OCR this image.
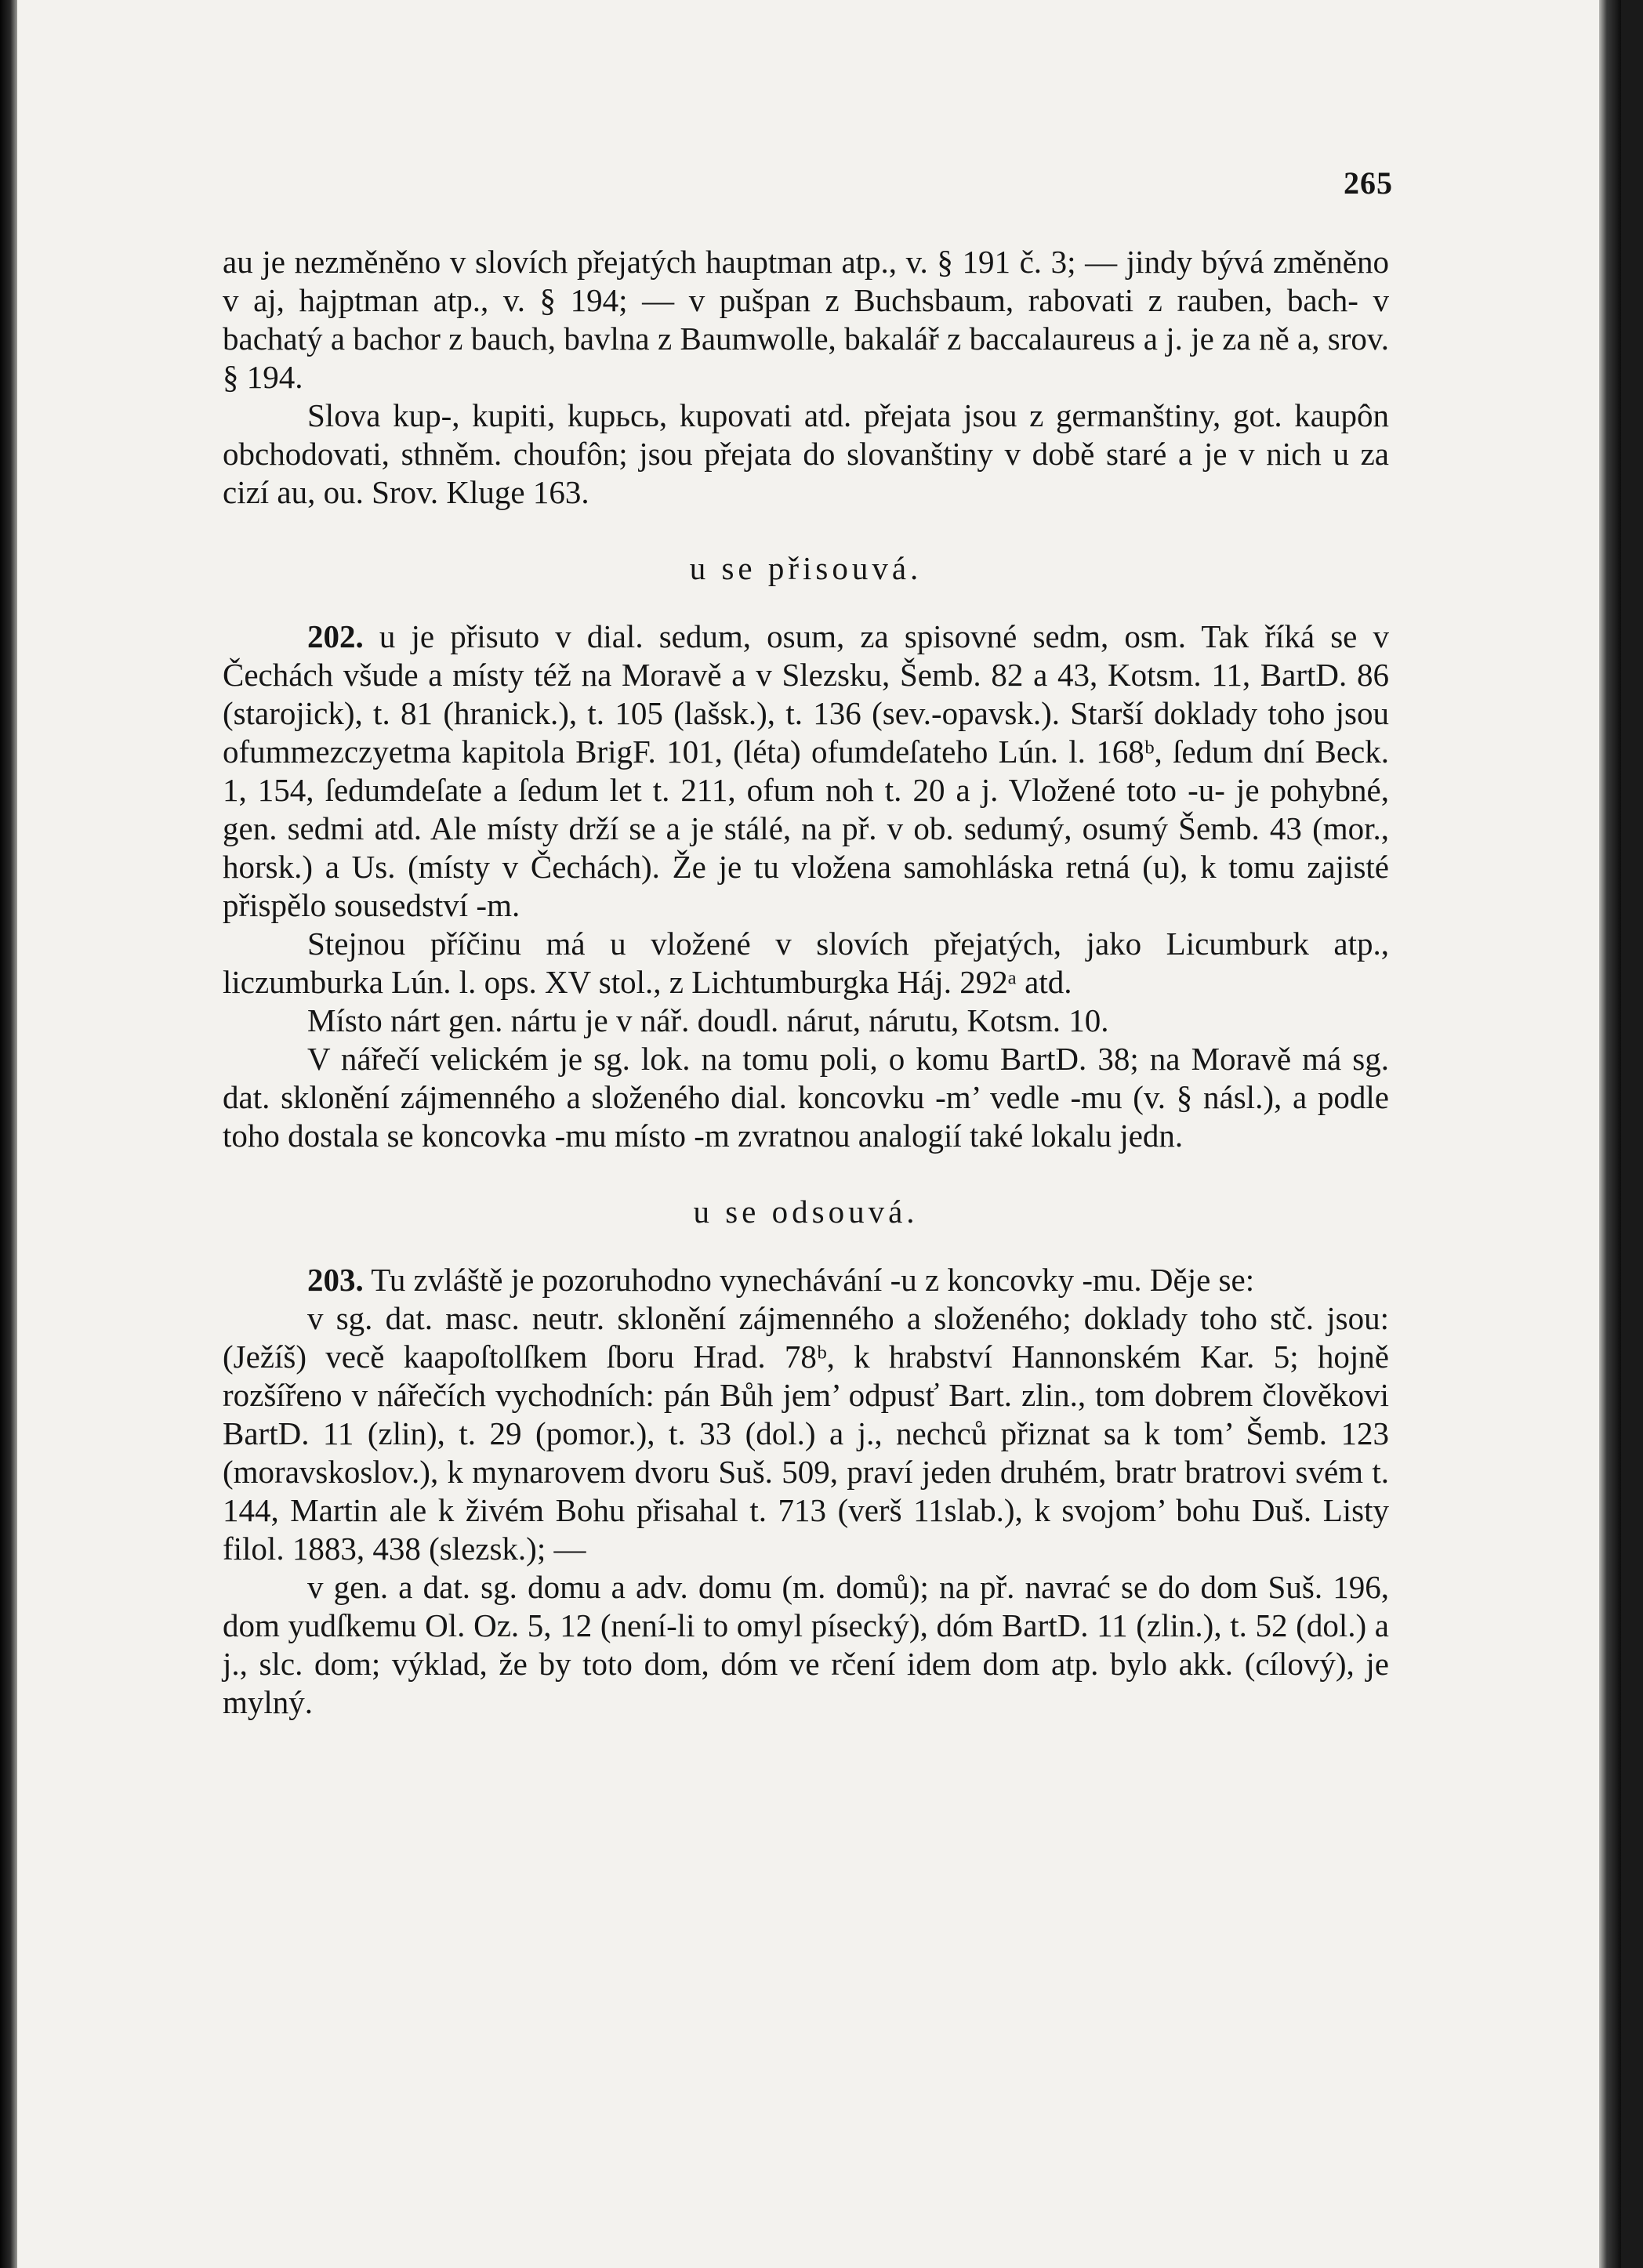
265

au je nezměněno v slovích přejatých hauptman atp., v. § 191 č. 3; — jindy bývá změněno v aj, hajptman atp., v. § 194; — v pušpan z Buchsbaum, rabovati z rauben, bach- v bachatý a bachor z bauch, bavlna z Baumwolle, bakalář z baccalaureus a j. je za ně a, srov. § 194.

Slova kup-, kupiti, kupьcь, kupovati atd. přejata jsou z germanštiny, got. kaupôn obchodovati, sthněm. choufôn; jsou přejata do slovanštiny v době staré a je v nich u za cizí au, ou. Srov. Kluge 163.

u se přisouvá.

202. u je přisuto v dial. sedum, osum, za spisovné sedm, osm. Tak říká se v Čechách všude a místy též na Moravě a v Slezsku, Šemb. 82 a 43, Kotsm. 11, BartD. 86 (starojick), t. 81 (hranick.), t. 105 (lašsk.), t. 136 (sev.-opavsk.). Starší doklady toho jsou ofummezczyetma kapitola BrigF. 101, (léta) ofumdeſateho Lún. l. 168ᵇ, ſedum dní Beck. 1, 154, ſedumdeſate a ſedum let t. 211, ofum noh t. 20 a j. Vložené toto -u- je pohybné, gen. sedmi atd. Ale místy drží se a je stálé, na př. v ob. sedumý, osumý Šemb. 43 (mor., horsk.) a Us. (místy v Čechách). Že je tu vložena samohláska retná (u), k tomu zajisté přispělo sousedství -m.

Stejnou příčinu má u vložené v slovích přejatých, jako Licumburk atp., liczumburka Lún. l. ops. XV stol., z Lichtumburgka Háj. 292ᵃ atd.

Místo nárt gen. nártu je v nář. doudl. nárut, nárutu, Kotsm. 10.

V nářečí velickém je sg. lok. na tomu poli, o komu BartD. 38; na Moravě má sg. dat. sklonění zájmenného a složeného dial. koncovku -m’ vedle -mu (v. § násl.), a podle toho dostala se koncovka -mu místo -m zvratnou analogií také lokalu jedn.

u se odsouvá.

203. Tu zvláště je pozoruhodno vynechávání -u z koncovky -mu. Děje se:

v sg. dat. masc. neutr. sklonění zájmenného a složeného; doklady toho stč. jsou: (Ježíš) vecě kaapoſtolſkem ſboru Hrad. 78ᵇ, k hrabství Hannonském Kar. 5; hojně rozšířeno v nářečích vychodních: pán Bůh jem’ odpusť Bart. zlin., tom dobrem člověkovi BartD. 11 (zlin), t. 29 (pomor.), t. 33 (dol.) a j., nechců přiznat sa k tom’ Šemb. 123 (moravskoslov.), k mynarovem dvoru Suš. 509, praví jeden druhém, bratr bratrovi svém t. 144, Martin ale k živém Bohu přisahal t. 713 (verš 11slab.), k svojom’ bohu Duš. Listy filol. 1883, 438 (slezsk.); —

v gen. a dat. sg. domu a adv. domu (m. domů); na př. navrać se do dom Suš. 196, dom yudſkemu Ol. Oz. 5, 12 (není-li to omyl písecký), dóm BartD. 11 (zlin.), t. 52 (dol.) a j., slc. dom; výklad, že by toto dom, dóm ve rčení idem dom atp. bylo akk. (cílový), je mylný.
